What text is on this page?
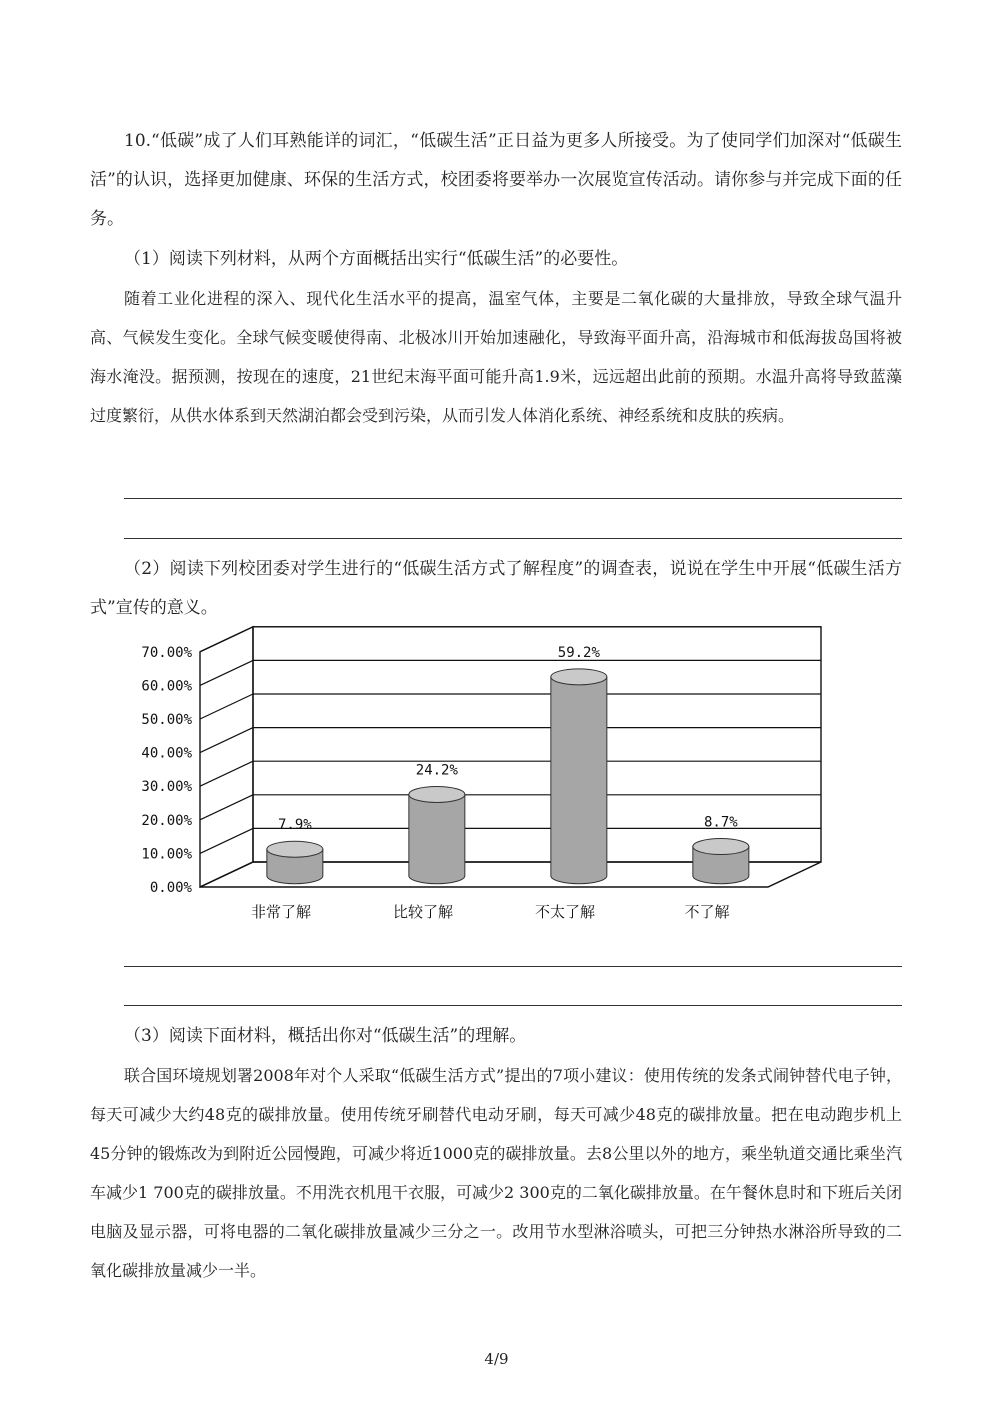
10.“低碳”成了人们耳熟能详的词汇，“低碳生活”正日益为更多人所接受。为了使同学们加深对“低碳生活”的认识，选择更加健康、环保的生活方式，校团委将要举办一次展览宣传活动。请你参与并完成下面的任务。

（1）阅读下列材料，从两个方面概括出实行“低碳生活”的必要性。

随着工业化进程的深入、现代化生活水平的提高，温室气体，主要是二氧化碳的大量排放，导致全球气温升高、气候发生变化。全球气候变暖使得南、北极冰川开始加速融化，导致海平面升高，沿海城市和低海拔岛国将被海水淹没。据预测，按现在的速度，21世纪末海平面可能升高1.9米，远远超出此前的预期。水温升高将导致蓝藻过度繁衍，从供水体系到天然湖泊都会受到污染，从而引发人体消化系统、神经系统和皮肤的疾病。

（2）阅读下列校团委对学生进行的“低碳生活方式了解程度”的调查表，说说在学生中开展“低碳生活方式”宣传的意义。

0.00%
10.00%
20.00%
30.00%
40.00%
50.00%
60.00%
70.00%
7.9%
24.2%
59.2%
8.7%
非常了解	比较了解	不太了解	不了解

（3）阅读下面材料，概括出你对“低碳生活”的理解。

联合国环境规划署2008年对个人采取“低碳生活方式”提出的7项小建议：使用传统的发条式闹钟替代电子钟，每天可减少大约48克的碳排放量。使用传统牙刷替代电动牙刷，每天可减少48克的碳排放量。把在电动跑步机上45分钟的锻炼改为到附近公园慢跑，可减少将近1000克的碳排放量。去8公里以外的地方，乘坐轨道交通比乘坐汽车减少1 700克的碳排放量。不用洗衣机甩干衣服，可减少2 300克的二氧化碳排放量。在午餐休息时和下班后关闭电脑及显示器，可将电器的二氧化碳排放量减少三分之一。改用节水型淋浴喷头，可把三分钟热水淋浴所导致的二氧化碳排放量减少一半。

4/9
